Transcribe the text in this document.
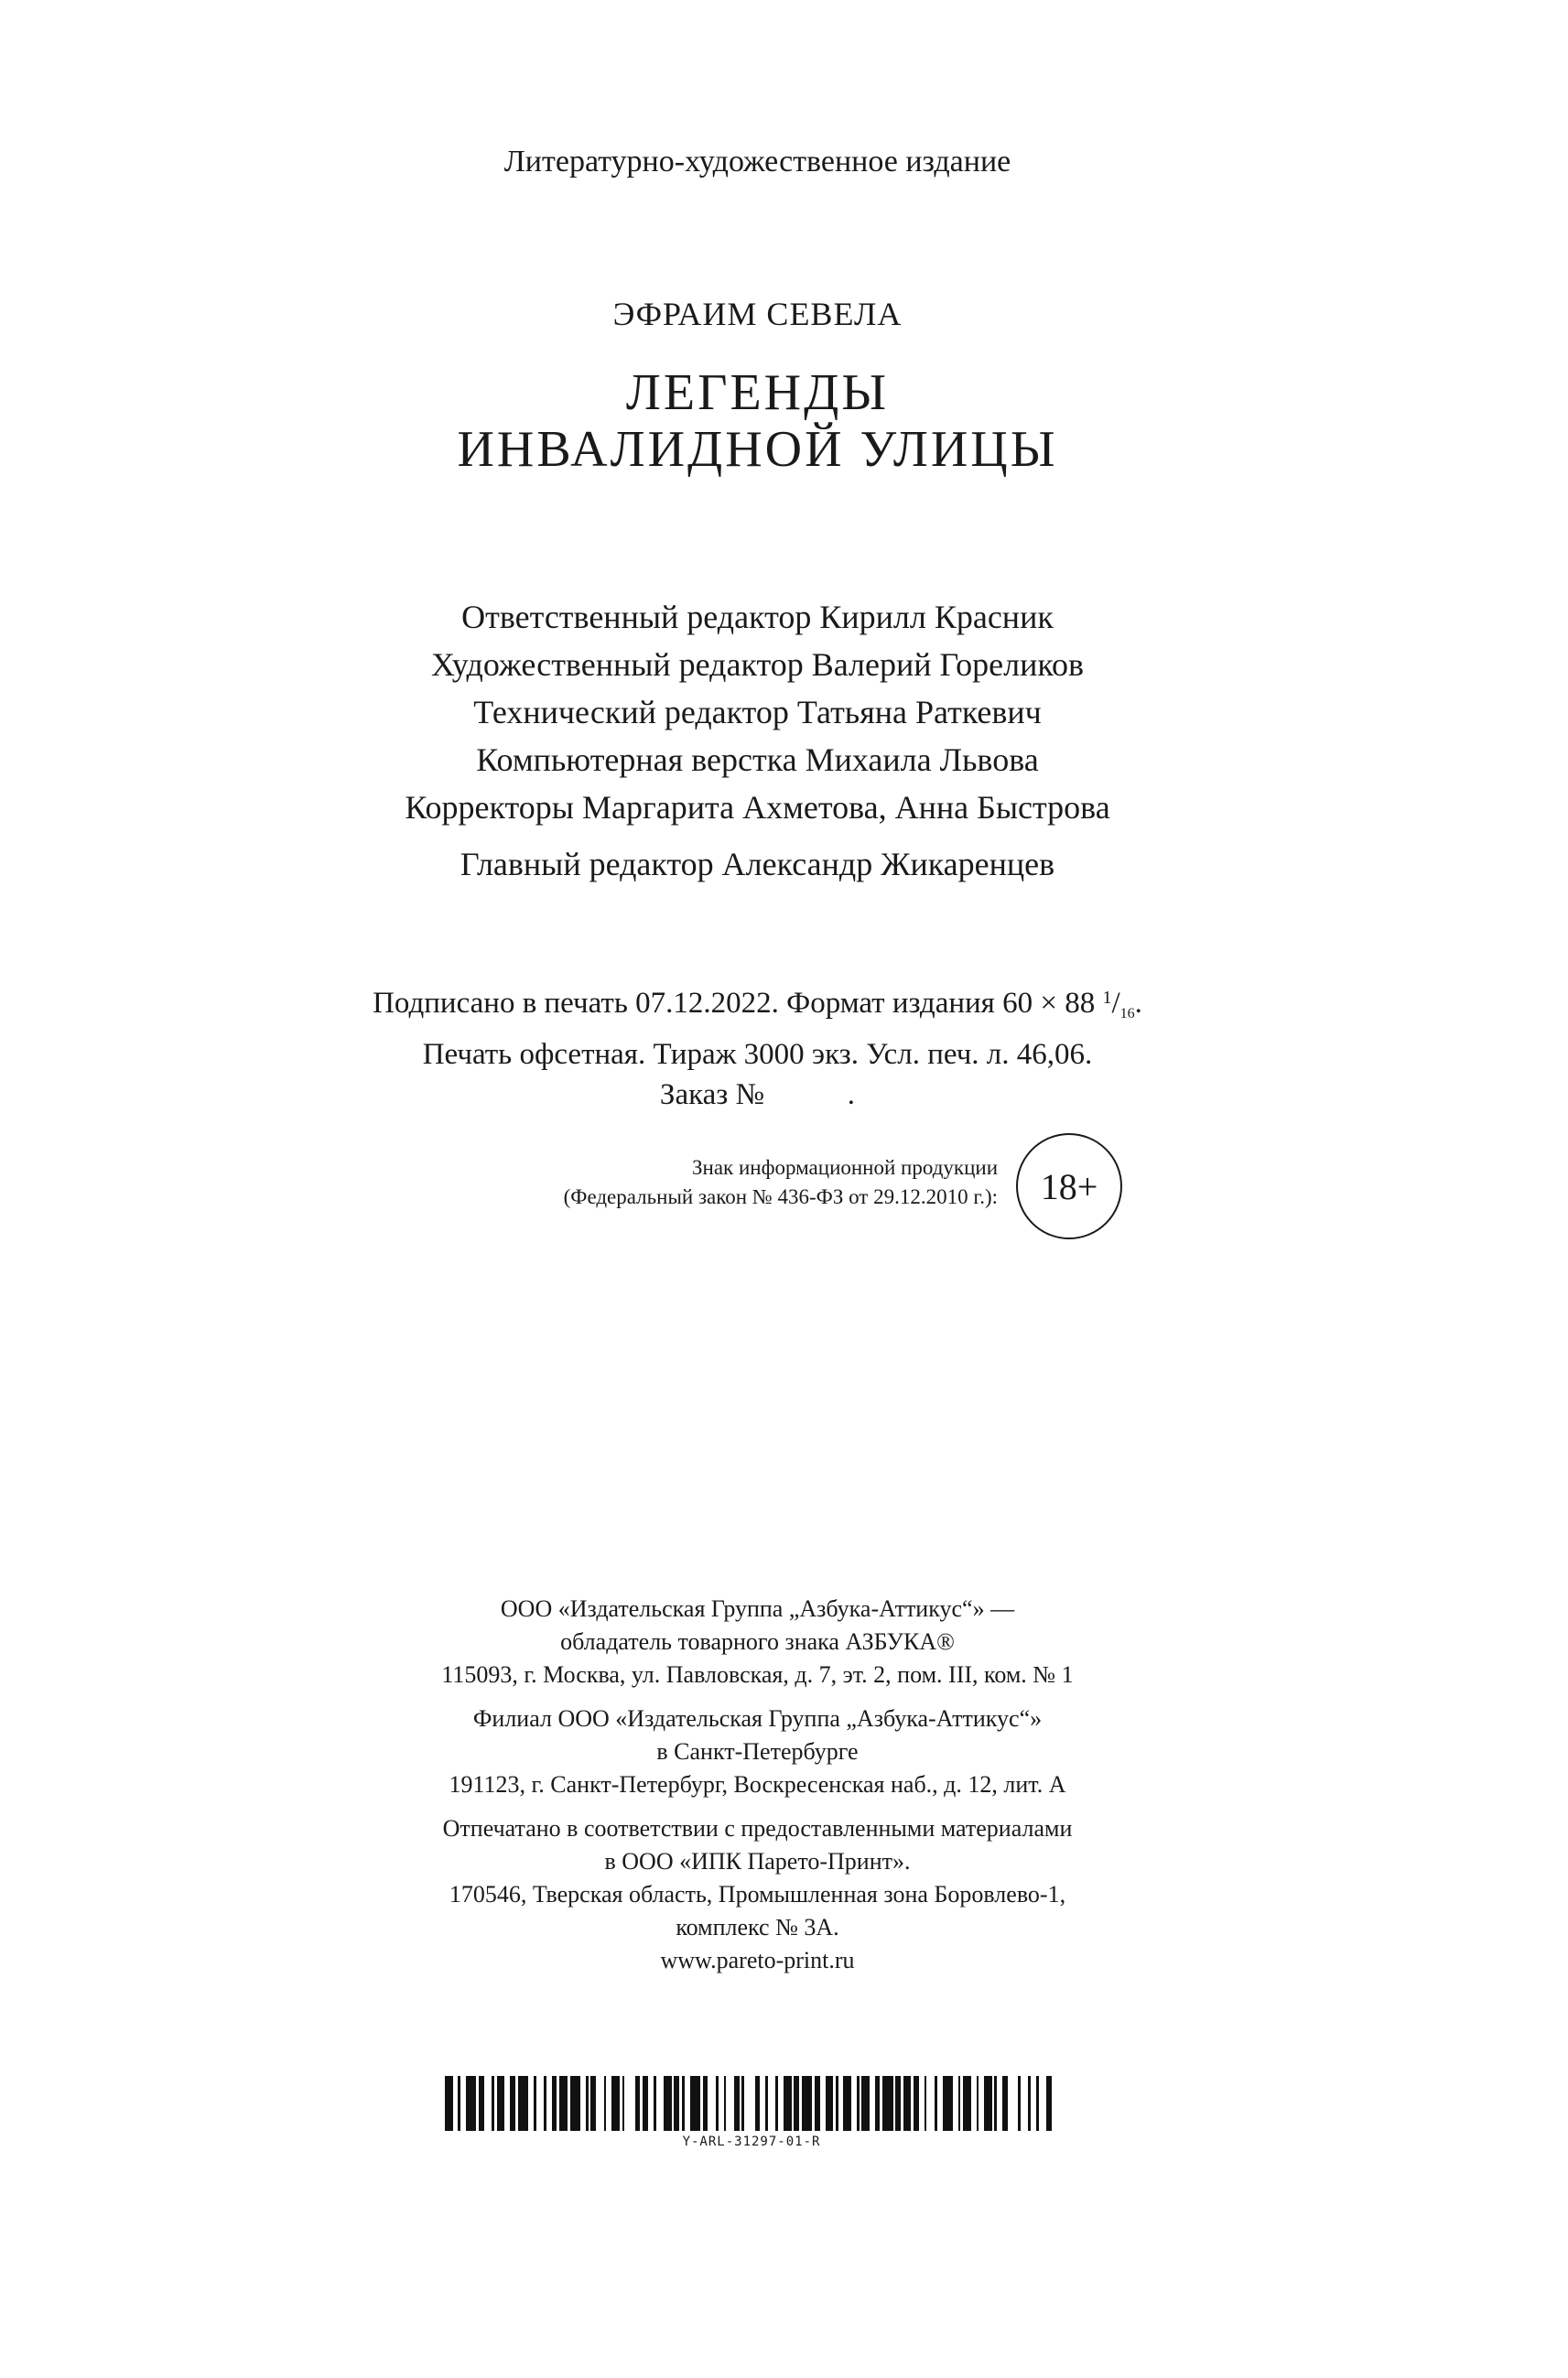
Литературно-художественное издание
ЭФРАИМ СЕВЕЛА
ЛЕГЕНДЫ
ИНВАЛИДНОЙ УЛИЦЫ
Ответственный редактор Кирилл Красник
Художественный редактор Валерий Гореликов
Технический редактор Татьяна Раткевич
Компьютерная верстка Михаила Львова
Корректоры Маргарита Ахметова, Анна Быстрова
Главный редактор Александр Жикаренцев
Подписано в печать 07.12.2022. Формат издания 60 × 88 $^1/_{16}$.
Печать офсетная. Тираж 3000 экз. Усл. печ. л. 46,06.
Заказ №           .
Знак информационной продукции
(Федеральный закон № 436-ФЗ от 29.12.2010 г.):	18+
ООО «Издательская Группа „Азбука-Аттикус“» —
обладатель товарного знака АЗБУКА®
115093, г. Москва, ул. Павловская, д. 7, эт. 2, пом. III, ком. № 1
Филиал ООО «Издательская Группа „Азбука-Аттикус“»
в Санкт-Петербурге
191123, г. Санкт-Петербург, Воскресенская наб., д. 12, лит. А
Отпечатано в соответствии с предоставленными материалами
в ООО «ИПК Парето-Принт».
170546, Тверская область, Промышленная зона Боровлево-1,
комплекс № 3А.
www.pareto-print.ru
Y-ARL-31297-01-R
